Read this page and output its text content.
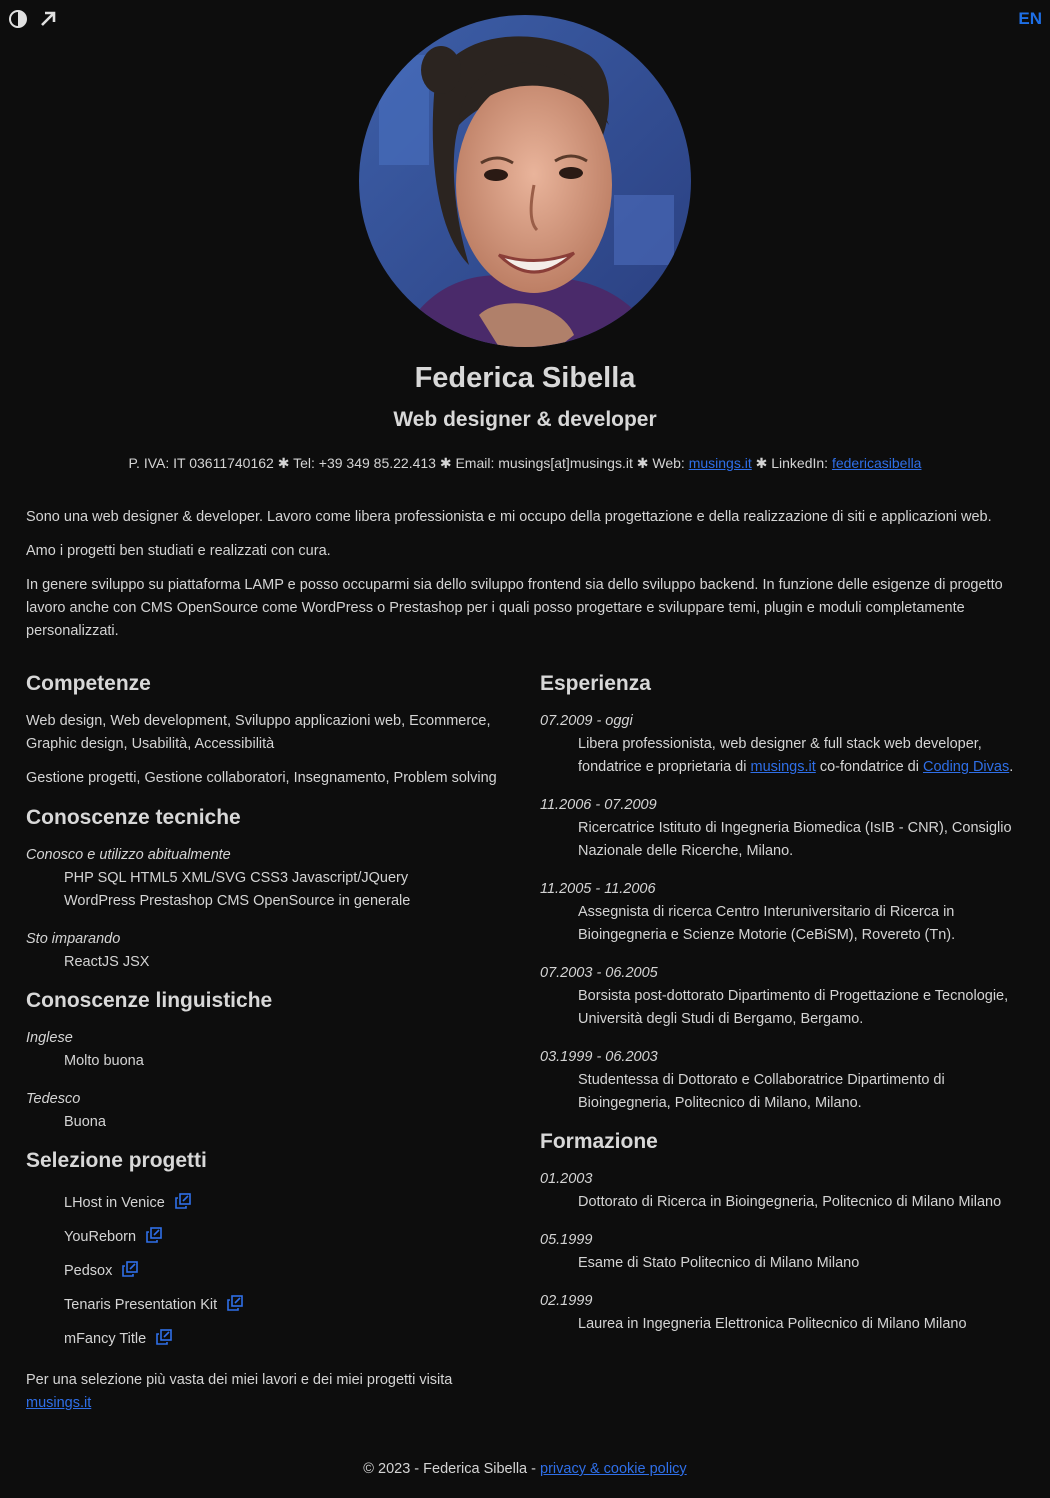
EN
Federica Sibella
Web designer & developer
P. IVA: IT 03611740162 ✱ Tel: +39 349 85.22.413 ✱ Email: musings[at]musings.it ✱ Web: musings.it ✱ LinkedIn: federicasibella

Sono una web designer & developer. Lavoro come libera professionista e mi occupo della progettazione e della realizzazione di siti e applicazioni web.

Amo i progetti ben studiati e realizzati con cura.

In genere sviluppo su piattaforma LAMP e posso occuparmi sia dello sviluppo frontend sia dello sviluppo backend. In funzione delle esigenze di progetto lavoro anche con CMS OpenSource come WordPress o Prestashop per i quali posso progettare e sviluppare temi, plugin e moduli completamente personalizzati.

Competenze

Web design, Web development, Sviluppo applicazioni web, Ecommerce, Graphic design, Usabilità, Accessibilità

Gestione progetti, Gestione collaboratori, Insegnamento, Problem solving

Conoscenze tecniche
Conosco e utilizzo abitualmente
PHP SQL HTML5 XML/SVG CSS3 Javascript/JQuery
WordPress Prestashop CMS OpenSource in generale
Sto imparando
ReactJS JSX
Conoscenze linguistiche
Inglese
Molto buona
Tedesco
Buona
Selezione progetti
LHost in Venice
YouReborn
Pedsox
Tenaris Presentation Kit
mFancy Title

Per una selezione più vasta dei miei lavori e dei miei progetti visita
musings.it

Esperienza
07.2009 - oggi
Libera professionista, web designer & full stack web developer, fondatrice e proprietaria di musings.it co-fondatrice di Coding Divas.
11.2006 - 07.2009
Ricercatrice Istituto di Ingegneria Biomedica (IsIB - CNR), Consiglio Nazionale delle Ricerche, Milano.
11.2005 - 11.2006
Assegnista di ricerca Centro Interuniversitario di Ricerca in Bioingegneria e Scienze Motorie (CeBiSM), Rovereto (Tn).
07.2003 - 06.2005
Borsista post-dottorato Dipartimento di Progettazione e Tecnologie, Università degli Studi di Bergamo, Bergamo.
03.1999 - 06.2003
Studentessa di Dottorato e Collaboratrice Dipartimento di Bioingegneria, Politecnico di Milano, Milano.
Formazione
01.2003
Dottorato di Ricerca in Bioingegneria, Politecnico di Milano Milano
05.1999
Esame di Stato Politecnico di Milano Milano
02.1999
Laurea in Ingegneria Elettronica Politecnico di Milano Milano
© 2023 - Federica Sibella - privacy & cookie policy
